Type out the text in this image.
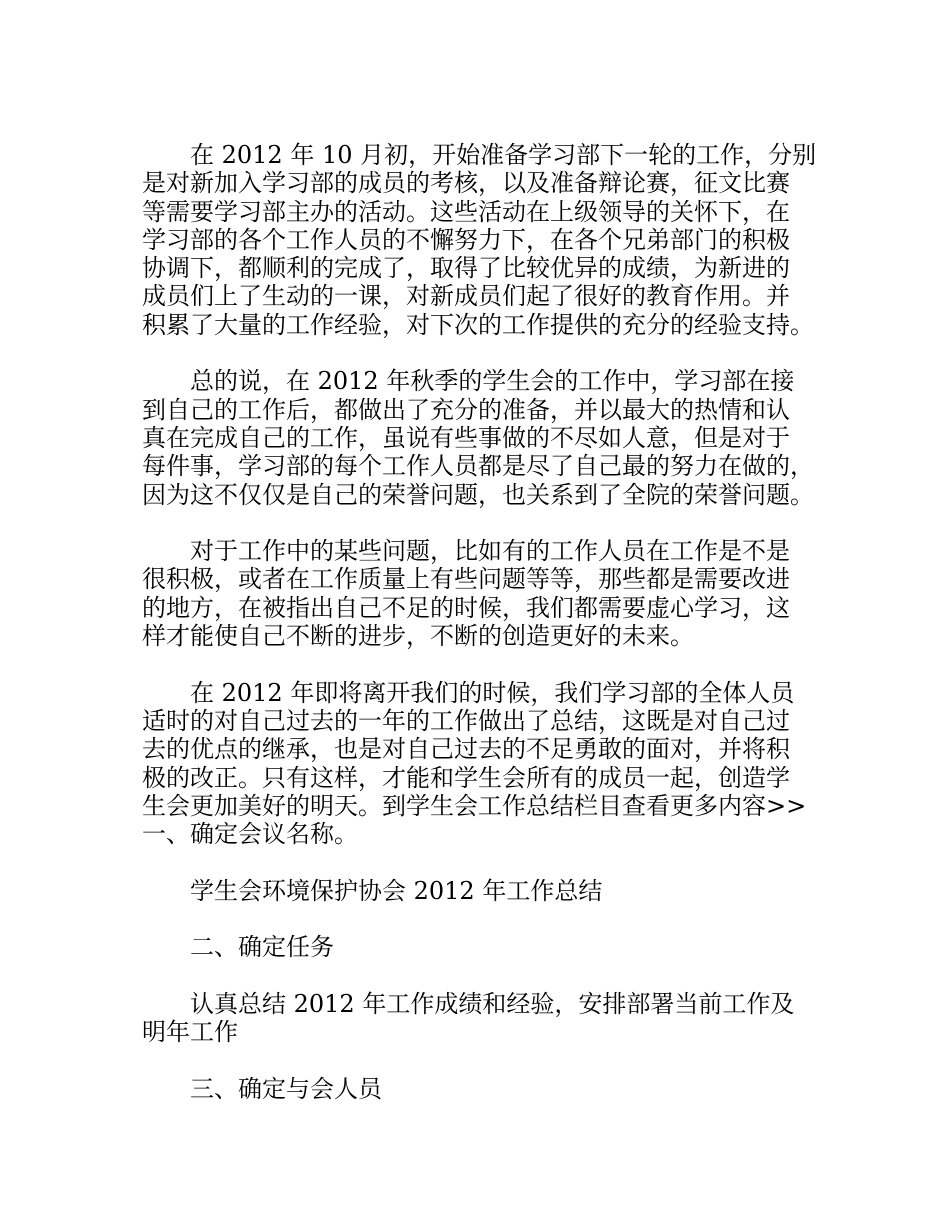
在 2012 年 10 月初，开始准备学习部下一轮的工作，分别
是对新加入学习部的成员的考核，以及准备辩论赛，征文比赛
等需要学习部主办的活动。这些活动在上级领导的关怀下，在
学习部的各个工作人员的不懈努力下，在各个兄弟部门的积极
协调下，都顺利的完成了，取得了比较优异的成绩，为新进的
成员们上了生动的一课，对新成员们起了很好的教育作用。并
积累了大量的工作经验，对下次的工作提供的充分的经验支持。
总的说，在 2012 年秋季的学生会的工作中，学习部在接
到自己的工作后，都做出了充分的准备，并以最大的热情和认
真在完成自己的工作，虽说有些事做的不尽如人意，但是对于
每件事，学习部的每个工作人员都是尽了自己最的努力在做的，
因为这不仅仅是自己的荣誉问题，也关系到了全院的荣誉问题。
对于工作中的某些问题，比如有的工作人员在工作是不是
很积极，或者在工作质量上有些问题等等，那些都是需要改进
的地方，在被指出自己不足的时候，我们都需要虚心学习，这
样才能使自己不断的进步，不断的创造更好的未来。
在 2012 年即将离开我们的时候，我们学习部的全体人员
适时的对自己过去的一年的工作做出了总结，这既是对自己过
去的优点的继承，也是对自己过去的不足勇敢的面对，并将积
极的改正。只有这样，才能和学生会所有的成员一起，创造学
生会更加美好的明天。到学生会工作总结栏目查看更多内容>>
一、确定会议名称。
学生会环境保护协会 2012 年工作总结
二、确定任务
认真总结 2012 年工作成绩和经验，安排部署当前工作及
明年工作
三、确定与会人员
